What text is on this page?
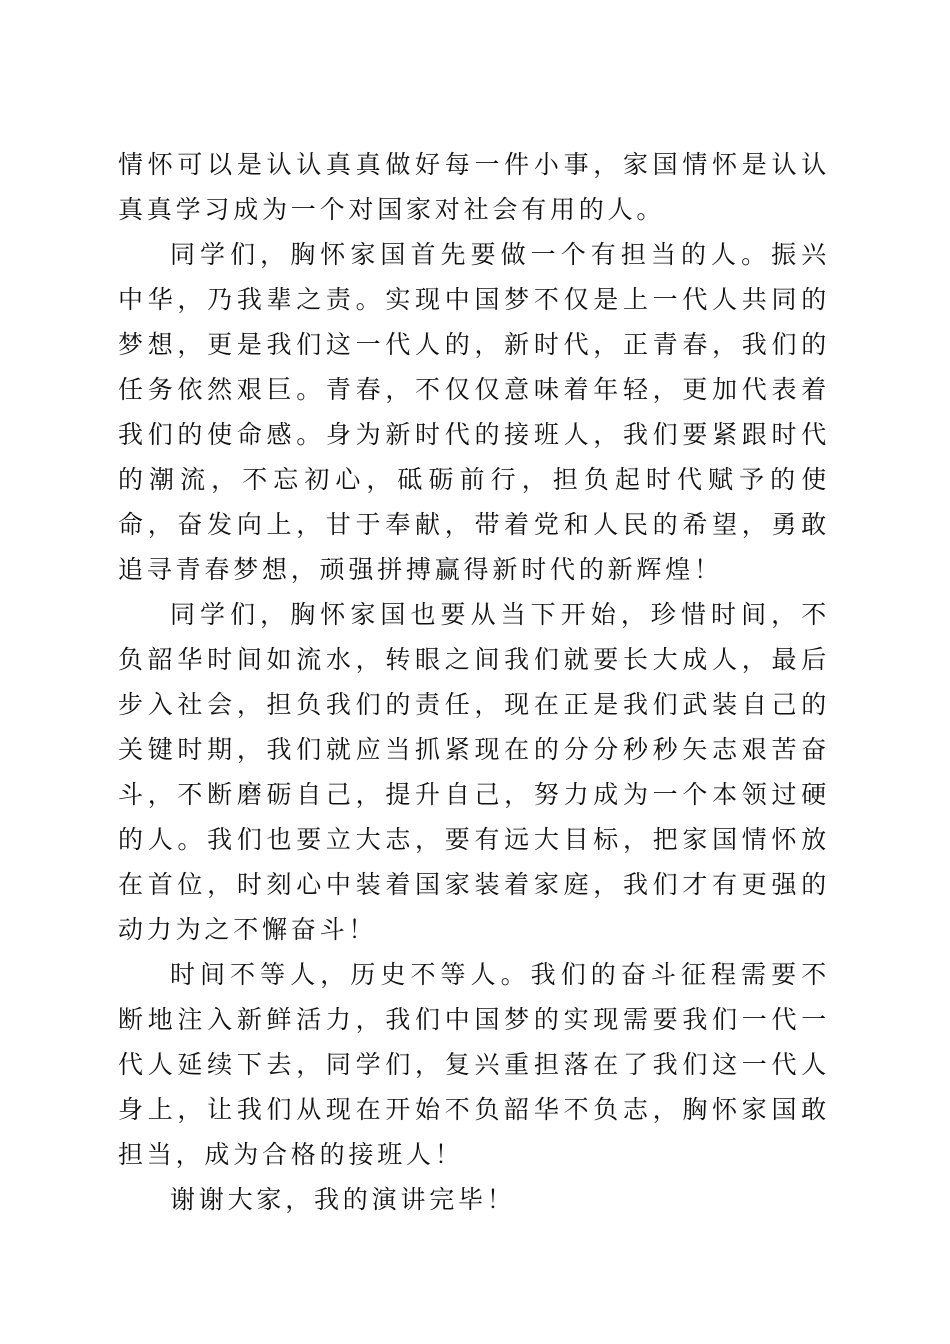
情怀可以是认认真真做好每一件小事，家国情怀是认认真真学习成为一个对国家对社会有用的人。

同学们，胸怀家国首先要做一个有担当的人。振兴中华，乃我辈之责。实现中国梦不仅是上一代人共同的梦想，更是我们这一代人的，新时代，正青春，我们的任务依然艰巨。青春，不仅仅意味着年轻，更加代表着我们的使命感。身为新时代的接班人，我们要紧跟时代的潮流，不忘初心，砥砺前行，担负起时代赋予的使命，奋发向上，甘于奉献，带着党和人民的希望，勇敢追寻青春梦想，顽强拼搏赢得新时代的新辉煌！

同学们，胸怀家国也要从当下开始，珍惜时间，不负韶华时间如流水，转眼之间我们就要长大成人，最后步入社会，担负我们的责任，现在正是我们武装自己的关键时期，我们就应当抓紧现在的分分秒秒矢志艰苦奋斗，不断磨砺自己，提升自己，努力成为一个本领过硬的人。我们也要立大志，要有远大目标，把家国情怀放在首位，时刻心中装着国家装着家庭，我们才有更强的动力为之不懈奋斗！

时间不等人，历史不等人。我们的奋斗征程需要不断地注入新鲜活力，我们中国梦的实现需要我们一代一代人延续下去，同学们，复兴重担落在了我们这一代人身上，让我们从现在开始不负韶华不负志，胸怀家国敢担当，成为合格的接班人！

谢谢大家，我的演讲完毕！
